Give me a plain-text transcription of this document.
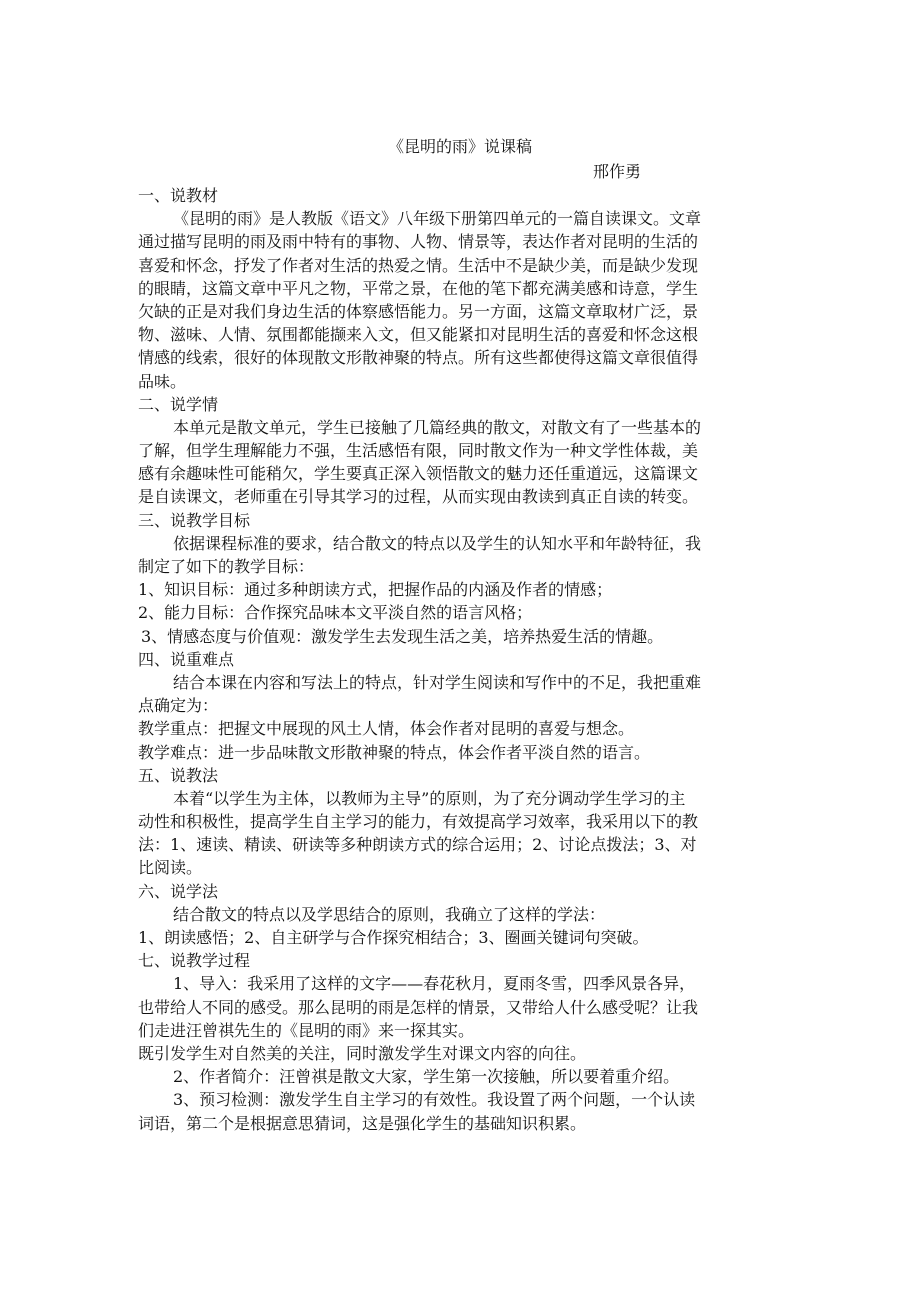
《昆明的雨》说课稿
邢作勇
一、说教材
《昆明的雨》是人教版《语文》八年级下册第四单元的一篇自读课文。文章
通过描写昆明的雨及雨中特有的事物、人物、情景等，表达作者对昆明的生活的
喜爱和怀念，抒发了作者对生活的热爱之情。生活中不是缺少美，而是缺少发现
的眼睛，这篇文章中平凡之物，平常之景，在他的笔下都充满美感和诗意，学生
欠缺的正是对我们身边生活的体察感悟能力。另一方面，这篇文章取材广泛，景
物、滋味、人情、氛围都能撷来入文，但又能紧扣对昆明生活的喜爱和怀念这根
情感的线索，很好的体现散文形散神聚的特点。所有这些都使得这篇文章很值得
品味。
二、说学情
本单元是散文单元，学生已接触了几篇经典的散文，对散文有了一些基本的
了解，但学生理解能力不强，生活感悟有限，同时散文作为一种文学性体裁，美
感有余趣味性可能稍欠，学生要真正深入领悟散文的魅力还任重道远，这篇课文
是自读课文，老师重在引导其学习的过程，从而实现由教读到真正自读的转变。
三、说教学目标
依据课程标准的要求，结合散文的特点以及学生的认知水平和年龄特征，我
制定了如下的教学目标：
1、知识目标：通过多种朗读方式，把握作品的内涵及作者的情感；
2、能力目标：合作探究品味本文平淡自然的语言风格；
3、情感态度与价值观：激发学生去发现生活之美，培养热爱生活的情趣。
四、说重难点
结合本课在内容和写法上的特点，针对学生阅读和写作中的不足，我把重难
点确定为：
教学重点：把握文中展现的风土人情，体会作者对昆明的喜爱与想念。
教学难点：进一步品味散文形散神聚的特点，体会作者平淡自然的语言。
五、说教法
本着“以学生为主体，以教师为主导”的原则，为了充分调动学生学习的主
动性和积极性，提高学生自主学习的能力，有效提高学习效率，我采用以下的教
法：1、速读、精读、研读等多种朗读方式的综合运用；2、讨论点拨法；3、对
比阅读。
六、说学法
结合散文的特点以及学思结合的原则，我确立了这样的学法：
1、朗读感悟；2、自主研学与合作探究相结合；3、圈画关键词句突破。
七、说教学过程
1、导入：我采用了这样的文字——春花秋月，夏雨冬雪，四季风景各异，
也带给人不同的感受。那么昆明的雨是怎样的情景，又带给人什么感受呢？让我
们走进汪曾祺先生的《昆明的雨》来一探其实。
既引发学生对自然美的关注，同时激发学生对课文内容的向往。
2、作者简介：汪曾祺是散文大家，学生第一次接触，所以要着重介绍。
3、预习检测：激发学生自主学习的有效性。我设置了两个问题，一个认读
词语，第二个是根据意思猜词，这是强化学生的基础知识积累。
